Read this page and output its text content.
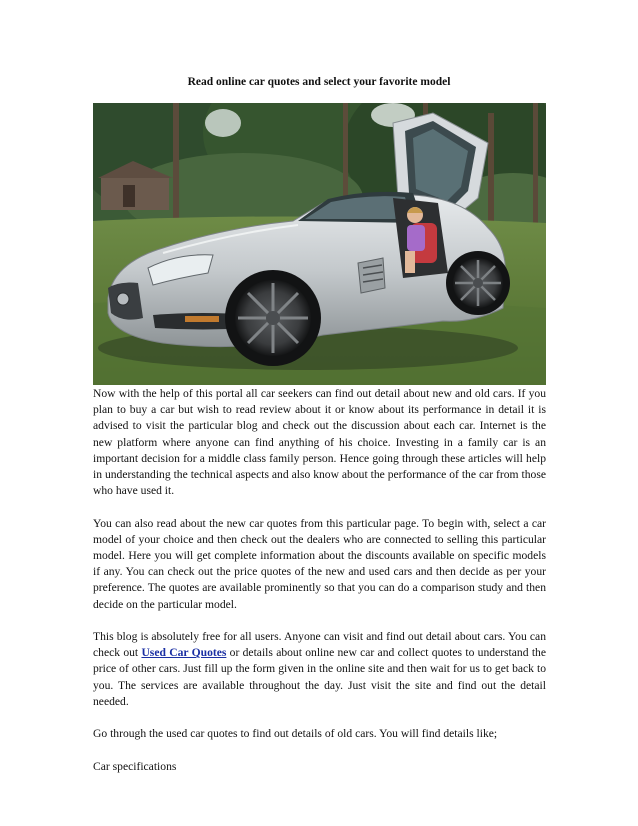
Read online car quotes and select your favorite model

Now with the help of this portal all car seekers can find out detail about new and old cars. If you plan to buy a car but wish to read review about it or know about its performance in detail it is advised to visit the particular blog and check out the discussion about each car. Internet is the new platform where anyone can find anything of his choice. Investing in a family car is an important decision for a middle class family person. Hence going through these articles will help in understanding the technical aspects and also know about the performance of the car from those who have used it.

You can also read about the new car quotes from this particular page. To begin with, select a car model of your choice and then check out the dealers who are connected to selling this particular model. Here you will get complete information about the discounts available on specific models if any. You can check out the price quotes of the new and used cars and then decide as per your preference. The quotes are available prominently so that you can do a comparison study and then decide on the particular model.

This blog is absolutely free for all users. Anyone can visit and find out detail about cars. You can check out Used Car Quotes or details about online new car and collect quotes to understand the price of other cars. Just fill up the form given in the online site and then wait for us to get back to you. The services are available throughout the day. Just visit the site and find out the detail needed.

Go through the used car quotes to find out details of old cars. You will find details like;

Car specifications
